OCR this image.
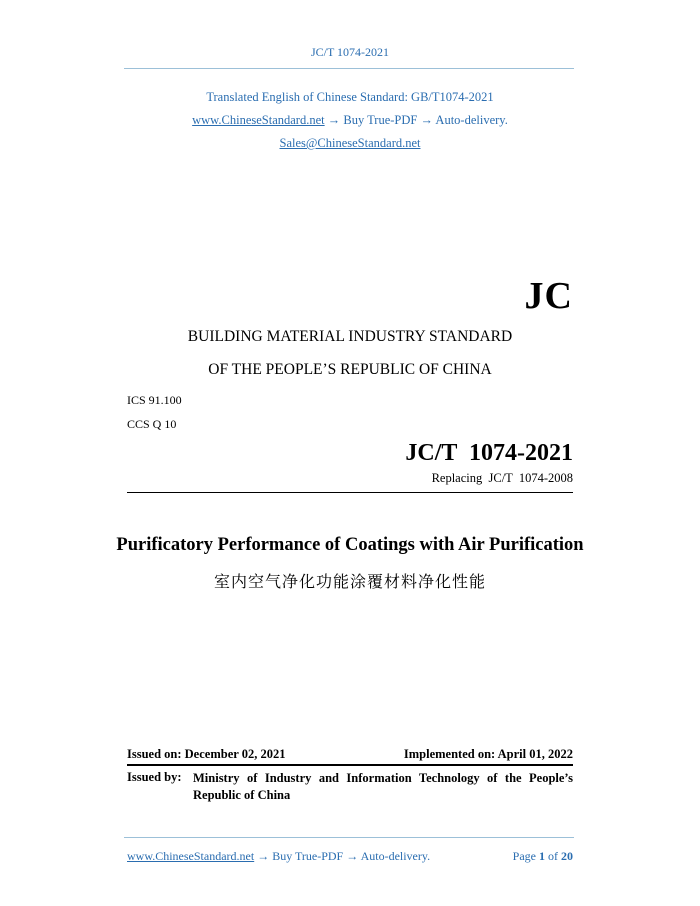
JC/T 1074-2021
Translated English of Chinese Standard: GB/T1074-2021
www.ChineseStandard.net → Buy True-PDF → Auto-delivery.
Sales@ChineseStandard.net
JC
BUILDING MATERIAL INDUSTRY STANDARD
OF THE PEOPLE’S REPUBLIC OF CHINA
ICS 91.100
CCS Q 10
JC/T  1074-2021
Replacing  JC/T  1074-2008
Purificatory Performance of Coatings with Air Purification
室内空气净化功能涂覆材料净化性能
Issued on: December 02, 2021	Implemented on: April 01, 2022
Issued by: Ministry of Industry and Information Technology of the People’s Republic of China
www.ChineseStandard.net → Buy True-PDF → Auto-delivery.	Page 1 of 20
